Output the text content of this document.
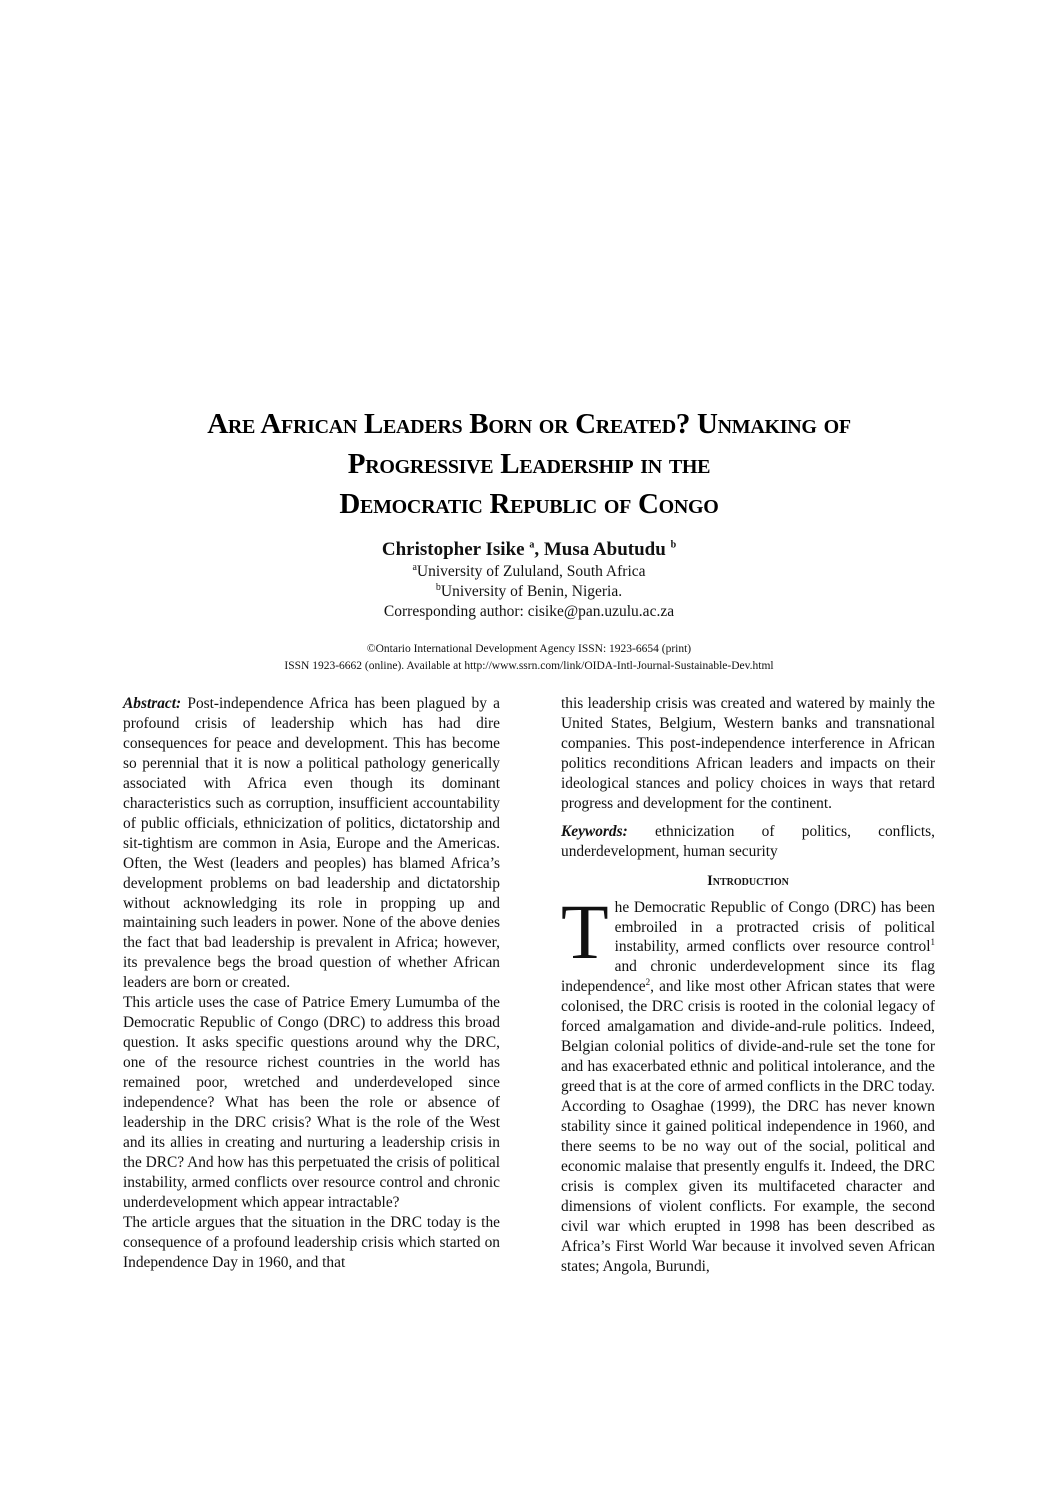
Are African Leaders Born or Created? Unmaking of
Progressive Leadership in the
Democratic Republic of Congo
Christopher Isike $^a$, Musa Abutudu $^b$
$^a$University of Zululand, South Africa
$^b$University of Benin, Nigeria.
Corresponding author: cisike@pan.uzulu.ac.za
©Ontario International Development Agency ISSN: 1923-6654 (print)
ISSN 1923-6662 (online). Available at http://www.ssrn.com/link/OIDA-Intl-Journal-Sustainable-Dev.html

Abstract: Post-independence Africa has been plagued by a profound crisis of leadership which has had dire consequences for peace and development. This has become so perennial that it is now a political pathology generically associated with Africa even though its dominant characteristics such as corruption, insufficient accountability of public officials, ethnicization of politics, dictatorship and sit-tightism are common in Asia, Europe and the Americas. Often, the West (leaders and peoples) has blamed Africa’s development problems on bad leadership and dictatorship without acknowledging its role in propping up and maintaining such leaders in power. None of the above denies the fact that bad leadership is prevalent in Africa; however, its prevalence begs the broad question of whether African leaders are born or created.

This article uses the case of Patrice Emery Lumumba of the Democratic Republic of Congo (DRC) to address this broad question. It asks specific questions around why the DRC, one of the resource richest countries in the world has remained poor, wretched and underdeveloped since independence? What has been the role or absence of leadership in the DRC crisis? What is the role of the West and its allies in creating and nurturing a leadership crisis in the DRC? And how has this perpetuated the crisis of political instability, armed conflicts over resource control and chronic underdevelopment which appear intractable?

The article argues that the situation in the DRC today is the consequence of a profound leadership crisis which started on Independence Day in 1960, and that

this leadership crisis was created and watered by mainly the United States, Belgium, Western banks and transnational companies. This post-independence interference in African politics reconditions African leaders and impacts on their ideological stances and policy choices in ways that retard progress and development for the continent.

Keywords: ethnicization of politics, conflicts, underdevelopment, human security

Introduction

The Democratic Republic of Congo (DRC) has been embroiled in a protracted crisis of political instability, armed conflicts over resource control$^1$ and chronic underdevelopment since its flag independence$^2$, and like most other African states that were colonised, the DRC crisis is rooted in the colonial legacy of forced amalgamation and divide-and-rule politics. Indeed, Belgian colonial politics of divide-and-rule set the tone for and has exacerbated ethnic and political intolerance, and the greed that is at the core of armed conflicts in the DRC today. According to Osaghae (1999), the DRC has never known stability since it gained political independence in 1960, and there seems to be no way out of the social, political and economic malaise that presently engulfs it. Indeed, the DRC crisis is complex given its multifaceted character and dimensions of violent conflicts. For example, the second civil war which erupted in 1998 has been described as Africa’s First World War because it involved seven African states; Angola, Burundi,
